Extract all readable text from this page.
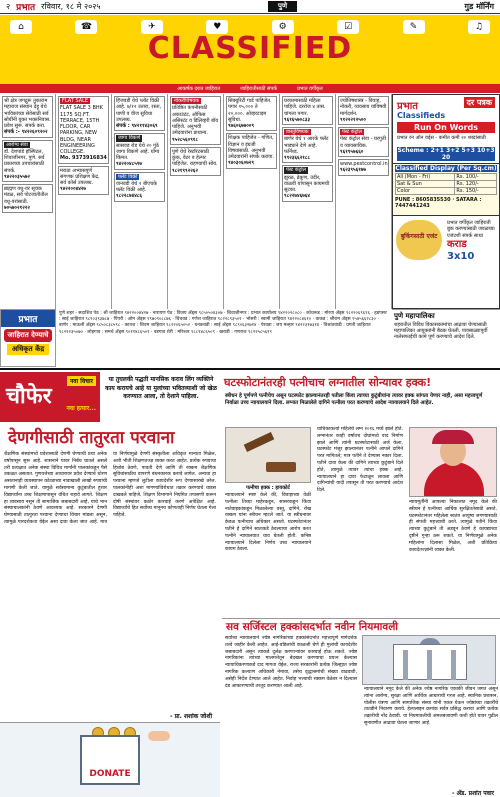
२ प्रभात रविवार, १८ मे २०२५	पुणे	गुड मॉर्निंग
⌂	☎	✈	♥	⚙	☑	✎	♫
CLASSIFIED
आकर्षक दरात जाहिरात	जाहिरातीसाठी संपर्क	प्रभात वर्गीकृत
श्री क्षेत्र जगद्गुरू तुकाराम महाराज संस्थान देहू येथे भाविकांच्या सेवेसाठी सर्व सोयींनी युक्त भक्तनिवास. प्रवेश सुरू. संपर्क करा.
संपर्क :- ९४२२६०९२०२
आरोग्य सेवा
डॉ. देशपांडे हॉस्पिटल, शिवाजीनगर, पुणे. सर्व प्रकारच्या उपचारांसाठी संपर्क.
९४२२०३५५७२
ब्राह्मण वधू-वर सूचक मंडळ, सर्व पोटजातीतील वधू-वरांसाठी.
७०५७०२१२२२
FLAT SALE
FLAT SALE 3 BHK 1175 SQ.FT. TERRACE, 15TH FLOOR, CAR PARKING, NEW BLDG, NEAR ENGINEERING COLLEGE.
Mo. 9373916834
मराठा अभ्यासपूर्ण संगणक प्रशिक्षण केंद्र, सर्व कोर्स उपलब्ध.
९४२२००४४२७
हिंजवडी येथे प्लॉट विक्री आहे. ७/१२ उतारा, रस्ता, पाणी व वीज सुविधा उपलब्ध.
संपर्क : ९४२११४३०६९
जागा विकणे
सासवड रोड येथे २० गुंठे जागा विकणे आहे. योग्य किंमत.
९४२२०४८५९७
फ्लॅट विक्री
वानवडी येथे २ बीएचके फ्लॅट विक्री आहे.
९८२२८७४४८६
नोकरीविषयक
प्रतिष्ठित कंपनीसाठी अकाउंटंट, ऑफिस असिस्टंट व डिलिव्हरी बॉय पाहिजे. अनुभवी उमेदवारांना प्राधान्य.
९५२८५६०९१८
पुणे येथे रेस्टॉरंटसाठी कुक, वेटर व हेल्पर पाहिजेत. राहण्याची सोय.
९८२१९९२२६२
सिक्युरिटी गार्ड पाहिजेत. पगार १५,००० ते २०,०००. ओव्हरटाइम सुविधा.
९७६०६७७००९
शिक्षक पाहिजेत - गणित, विज्ञान व इंग्रजी विषयांसाठी. अनुभवी उमेदवारांनी संपर्क करावा.
९४०३०६०७२९
घरकामासाठी महिला पाहिजे. दररोज ४ तास. चांगला पगार.
९६१६५७०८३३
वास्तुविषयक
बाणेर येथे १ आरके फ्लॅट भाड्याने देणे आहे. फर्निश्ड.
९९२३६६२१८८
पेस्ट कंट्रोल
झुरळ, ढेकूण, उंदीर, वाळवी यांपासून कायमची सुटका.
९८२२७४६७६४
ज्योतिषशास्त्र - विवाह, नोकरी, व्यवसाय यांविषयी मार्गदर्शन.
९१२२२१२५००
पेस्ट कंट्रोल
पेस्ट कंट्रोल सेवा - घरगुती व व्यावसायिक.
९६१९५७६६०
www.pestcontrol.in
९६२३९५६१७७
प्रभात	दर पत्रक
Classifieds
Run On Words
प्रभात रन ऑन वर्ड्स - कमीत कमी २० शब्दांसाठी
Scheme : 2+1 3+2 5+3 10+3 20
Classified Display (Per Sq.cm)
All (Mon - Fri)	Rs. 100/-
Sat & Sun	Rs. 120/-
Color	Rs. 150/-
PUNE : 8605835530 · SATARA : 7447441243
बुकिंगसाठी एजंट
प्रभात वर्गीकृत जाहिराती बुक करण्यासाठी जवळच्या एजंटशी संपर्क साधा
कराड
3x10
प्रभात
जाहिरात देण्याचे
अधिकृत केंद्र
पुणे शहर - सदाशिव पेठ : श्री जाहिरात ९४२२००४४२७ · नारायण पेठ : विजय अ‍ॅड्स ९८५०५०४३०७ · शिवाजीनगर : प्रभात कार्यालय ९४२२०२८०८० · कोथरूड : मोरया अ‍ॅड्स ९८२२०६९६९६ · हडपसर : साई जाहिरात ९८९०३९३७८७ · पिंपरी : ओम अ‍ॅड्स ९९७०९०८८७६ · चिंचवड : गणेश जाहिरात ९८२२८९३५०१ · भोसरी : स्वामी जाहिरात ९४२२०८४६१० · वाकड : श्रीराम अ‍ॅड्स ९५४५६६२८३० · बाणेर : माऊली अ‍ॅड्स ९८५०८३८५९८ · कात्रज : शिवम जाहिरात ९८२२०६५०५२ · धनकवडी : साई अ‍ॅड्स ९८९०६३२७१४ · येरवडा : जय मल्हार ९४२२३१७३१४ · विश्रांतवाडी : प्रगती जाहिरात ९८२२२३५०७० · लोहगाव : समर्थ अ‍ॅड्स ९०११४८६५०९ · वडगाव शेरी : मोरेश्वर ९८८१४८६५०९ · खराडी : गणराज ९८२२५८५६१९
पुणे महापालिका
शहरातील विविध विकासकामांचा आढावा घेण्यासाठी महापालिका आयुक्तांनी बैठक घेतली. पावसाळ्यापूर्वी नालेसफाईची कामे पूर्ण करण्याचे आदेश दिले.
चौफेर
नवा विचार
नवा हत्यार...
या तुघलकी पद्धती मानसिक कराव लिंग व्यक्तिने काय करायचे आहे या मुलांच्या भवितव्याशी जो खेळ करण्यात आला, तो देशाने पाहिला.
घटस्फोटानंतरही पत्नीचाच लग्नातील सोन्यावर हक्क!
स्त्रीधन हे पूर्णपणे पत्नीचेच असून घटस्फोट झाल्यानंतरही पतीला किंवा त्याच्या कुटुंबीयांना त्यावर हक्क सांगता येणार नाही, असा महत्त्वपूर्ण निर्वाळा उच्च न्यायालयाने दिला. लग्नात मिळालेले दागिने पत्नीला परत करण्याचे आदेश न्यायालयाने दिले आहेत.
देणगीसाठी तातुरता परवाना
शैक्षणिक संस्थांमध्ये प्रवेशासाठी देणगी घेण्याची प्रथा अनेक वर्षांपासून सुरू आहे. शासनाने यावर निर्बंध घातले असले तरी प्रत्यक्षात अनेक संस्था विविध मार्गांनी पालकांकडून पैसे उकळत असतात. गुणवत्तेच्या आधारावर प्रवेश देण्याचे धोरण असतानाही व्यवस्थापन कोट्याच्या नावाखाली लाखो रुपयांची मागणी केली जाते. यामुळे सर्वसामान्य कुटुंबातील हुशार विद्यार्थ्यांना उच्च शिक्षणापासून वंचित राहावे लागते. शिक्षण हा व्यवसाय नसून ती सामाजिक जबाबदारी आहे, याचे भान संस्थाचालकांनी ठेवणे आवश्यक आहे. सरकारने देणगी घेण्यासाठी तात्पुरता परवाना देण्याचा विचार मांडला असून, त्यामुळे पारदर्शकता येईल असा दावा केला जात आहे. मात्र या निर्णयामुळे देणगी संस्कृतीला अधिकृत मान्यता मिळेल, अशी भीती शिक्षणतज्ज्ञ व्यक्त करत आहेत. प्रत्येक रुपयाचा हिशोब ठेवणे, पावती देणे आणि ती रक्कम शैक्षणिक सुविधांसाठीच वापरणे बंधनकारक करावे लागेल. अन्यथा हा परवाना म्हणजे लुटीला कायदेशीर रूप देण्यासारखे ठरेल. पालकांनीही अशा मागण्यांविरोधात तक्रार करण्याचे धाडस दाखवले पाहिजे. शिक्षण विभागाने नियमित तपासणी करून दोषी संस्थांवर कठोर कारवाई करणे अपेक्षित आहे. विद्यार्थ्यांचे हित सर्वोच्च मानूनच कोणताही निर्णय घेतला गेला पाहिजे.
- प्रा. शशांक जोशी
DONATE
पत्नीचा हक्क : हायकोर्ट
न्यायालयाने स्पष्ट केले की, विवाहाच्या वेळी पत्नीला तिच्या माहेरकडून, सासरकडून किंवा नातेवाइकांकडून मिळालेल्या वस्तू, दागिने, रोख रक्कम यांना स्त्रीधन म्हटले जाते. या स्त्रीधनावर केवळ पत्नीचाच अधिकार असतो. घटस्फोटानंतर पतीने हे दागिने स्वतःकडे ठेवल्याचा आरोप करत पत्नीने न्यायालयात धाव घेतली होती. कनिष्ठ न्यायालयाने दिलेला निर्णय उच्च न्यायालयाने कायम ठेवला.
याचिकाकर्त्या महिलेचे लग्न २०१६ मध्ये झाले होते. लग्नानंतर काही वर्षांतच दोघांमध्ये वाद निर्माण झाले आणि त्यांनी घटस्फोटासाठी अर्ज केला. घटस्फोट मंजूर झाल्यानंतर पत्नीने आपले दागिने परत मागितले; मात्र पतीने ते देण्यास नकार दिला. पतीने दावा केला की दागिने त्याच्या कुटुंबाने दिले होते, त्यामुळे त्यावर त्यांचा हक्क आहे. न्यायालयाने हा दावा फेटाळून लावला आणि दागिन्यांची यादी तपासून ती परत करण्याचे आदेश दिले.
न्यायमूर्तींनी आपल्या निकालात नमूद केले की स्त्रीधन हे पत्नीच्या आर्थिक सुरक्षिततेसाठी असते. घटस्फोटानंतर महिलेला स्वतंत्र आयुष्य जगण्यासाठी ही संपत्ती महत्त्वाची ठरते. त्यामुळे पतीने किंवा त्याच्या कुटुंबाने ती अडवून ठेवणे हे कायद्याच्या दृष्टीने गुन्हा ठरू शकते. या निर्णयामुळे अनेक महिलांना दिलासा मिळेल, अशी प्रतिक्रिया कायदेतज्ज्ञांनी व्यक्त केली.
सव सर्जिस्टल हक्कांसदर्भात नवीन नियमावली
सर्वोच्च न्यायालयाने ज्येष्ठ नागरिकांच्या हक्कांसंदर्भात महत्त्वपूर्ण मार्गदर्शक तत्त्वे जाहीर केली आहेत. आई-वडिलांची काळजी घेणे ही मुलांची कायदेशीर जबाबदारी असून त्याकडे दुर्लक्ष करणाऱ्यांवर कारवाई होऊ शकते. ज्येष्ठ नागरिकांना त्यांच्या मालमत्तेतून बेदखल करण्याचा प्रयत्न केल्यास न्यायाधिकरणाकडे दाद मागता येईल. राज्य सरकारांनी प्रत्येक जिल्ह्यात ज्येष्ठ नागरिक कल्याण अधिकारी नेमावा, तसेच वृद्धाश्रमांची संख्या वाढवावी, असेही निर्देश देण्यात आले आहेत. निर्वाह भत्त्याची रक्कम वेळेवर न दिल्यास दंड आकारण्याची तरतूद करण्यात आली आहे.
न्यायालयाने नमूद केले की अनेक ज्येष्ठ नागरिक एकाकी जीवन जगत असून त्यांना आरोग्य, सुरक्षा आणि आर्थिक आधाराची गरज आहे. स्थानिक प्रशासन, पोलीस यंत्रणा आणि सामाजिक संस्था यांनी एकत्र येऊन ज्येष्ठांच्या तक्रारींचे तातडीने निवारण करावे. हेल्पलाइन क्रमांक सर्वत्र प्रसिद्ध करावा आणि प्रत्येक तक्रारीची नोंद ठेवावी. या नियमावलीची अंमलबजावणी कशी होते यावर पुढील सुनावणीत आढावा घेतला जाणार आहे.
- अ‍ॅड. प्रशांत पवार
